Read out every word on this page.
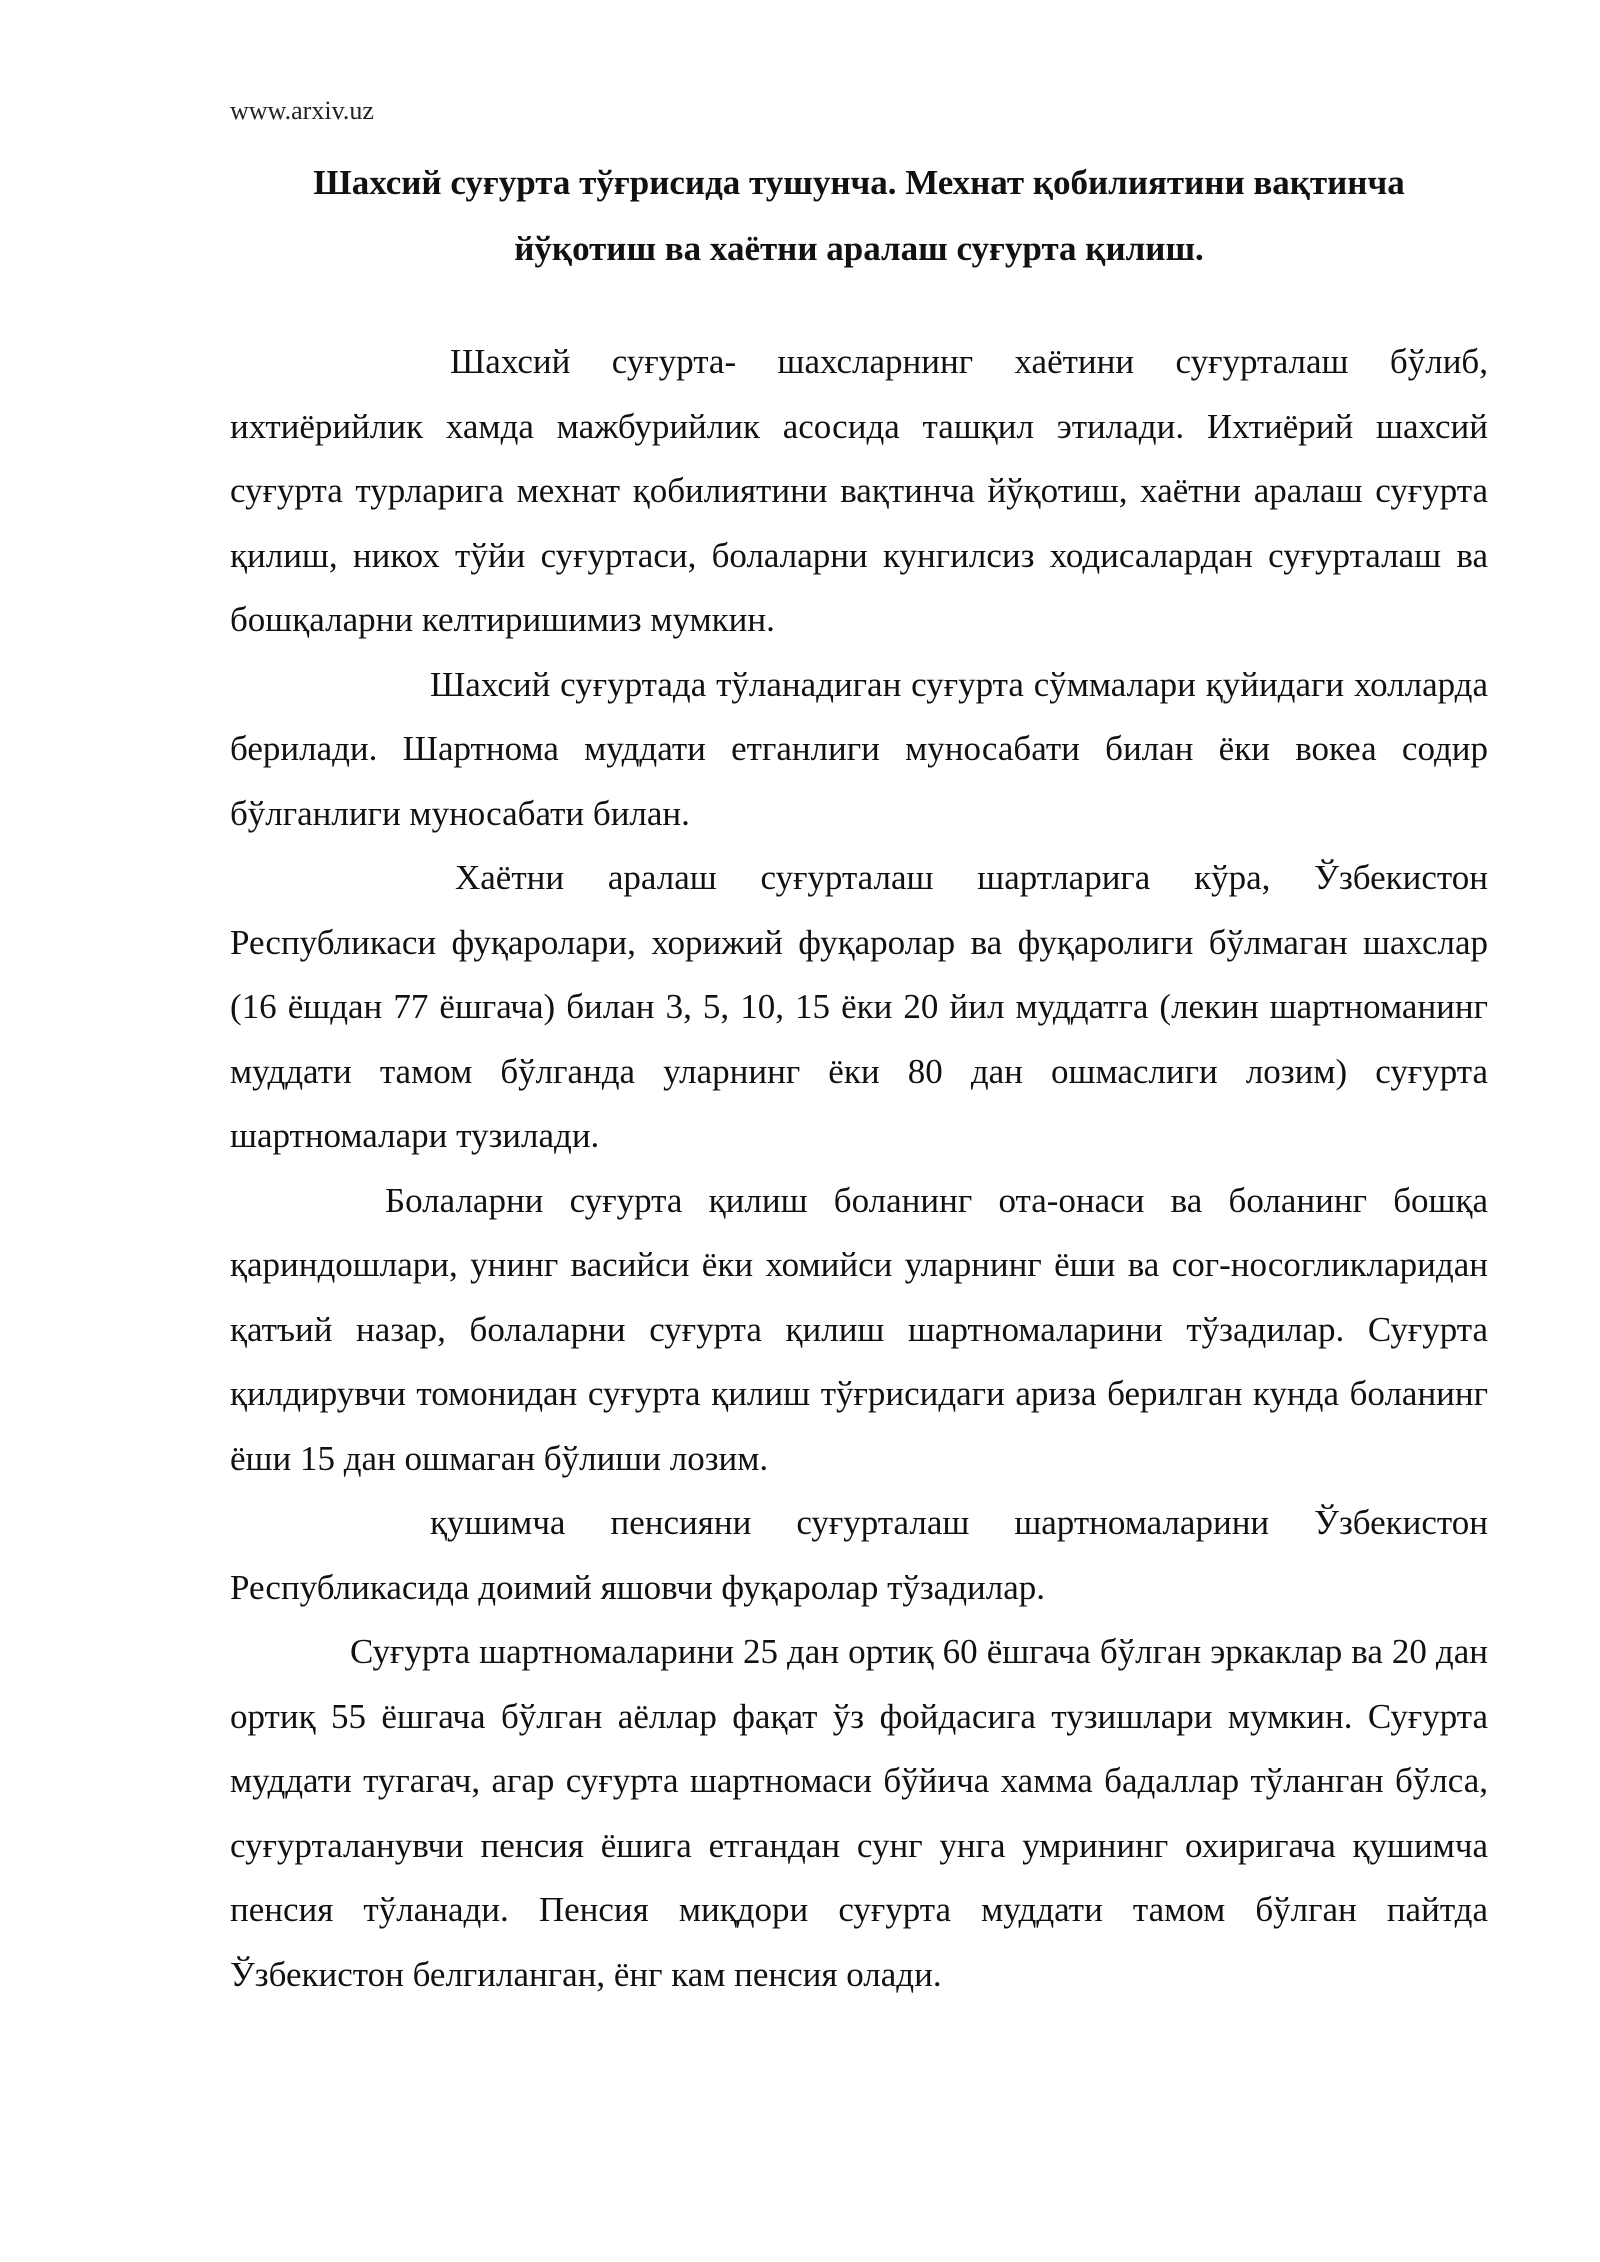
www.arxiv.uz
Шахсий суғурта тўғрисида тушунча. Мехнат қобилиятини вақтинча
йўқотиш ва хаётни аралаш суғурта қилиш.

Шахсий суғурта- шахсларнинг хаётини суғурталаш бўлиб, ихтиёрийлик хамда мажбурийлик асосида ташқил этилади. Ихтиёрий шахсий суғурта турларига мехнат қобилиятини вақтинча йўқотиш, хаётни аралаш суғурта қилиш, никох тўйи суғуртаси, болаларни кунгилсиз ходисалардан суғурталаш ва бошқаларни келтиришимиз мумкин.

Шахсий суғуртада тўланадиган суғурта сўммалари қуйидаги холларда берилади. Шартнома муддати етганлиги муносабати билан ёки вокеа содир бўлганлиги муносабати билан.

Хаётни аралаш суғурталаш шартларига кўра, Ўзбекистон Республикаси фуқаролари, хорижий фуқаролар ва фуқаролиги бўлмаган шахслар (16 ёшдан 77 ёшгача) билан 3, 5, 10, 15 ёки 20 йил муддатга (лекин шартноманинг муддати тамом бўлганда уларнинг ёки 80 дан ошмаслиги лозим) суғурта шартномалари тузилади.

Болаларни суғурта қилиш боланинг ота-онаси ва боланинг бошқа қариндошлари, унинг васийси ёки хомийси уларнинг ёши ва сог-носогликларидан қатъий назар, болаларни суғурта қилиш шартномаларини тўзадилар. Суғурта қилдирувчи томонидан суғурта қилиш тўғрисидаги ариза берилган кунда боланинг ёши 15 дан ошмаган бўлиши лозим.

қушимча пенсияни суғурталаш шартномаларини Ўзбекистон Республикасида доимий яшовчи фуқаролар тўзадилар.

Суғурта шартномаларини 25 дан ортиқ 60 ёшгача бўлган эркаклар ва 20 дан ортиқ 55 ёшгача бўлган аёллар фақат ўз фойдасига тузишлари мумкин. Суғурта муддати тугагач, агар суғурта шартномаси бўйича хамма бадаллар тўланган бўлса, суғурталанувчи пенсия ёшига етгандан сунг унга умрининг охиригача қушимча пенсия тўланади. Пенсия миқдори суғурта муддати тамом бўлган пайтда Ўзбекистон белгиланган, ёнг кам пенсия олади.
